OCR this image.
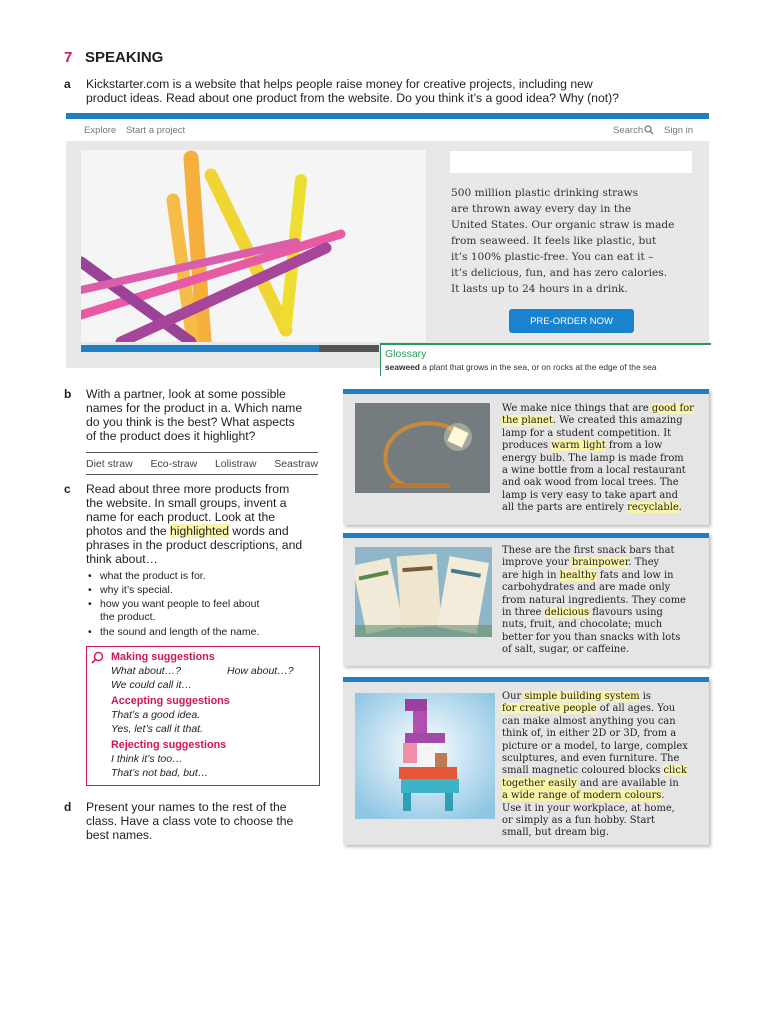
7 SPEAKING
a Kickstarter.com is a website that helps people raise money for creative projects, including new
product ideas. Read about one product from the website. Do you think it’s a good idea? Why (not)?
Explore Start a project	Search Sign in
500 million plastic drinking straws
are thrown away every day in the
United States. Our organic straw is made
from seaweed. It feels like plastic, but
it’s 100% plastic-free. You can eat it –
it’s delicious, fun, and has zero calories.
It lasts up to 24 hours in a drink.
PRE-ORDER NOW
Glossary
seaweed a plant that grows in the sea, or on rocks at the edge of the sea
b With a partner, look at some possible
names for the product in a. Which name
do you think is the best? What aspects
of the product does it highlight?
Diet straw Eco-straw Lolistraw Seastraw
c Read about three more products from
the website. In small groups, invent a
name for each product. Look at the
photos and the highlighted words and
phrases in the product descriptions, and
think about…
• what the product is for.
• why it’s special.
• how you want people to feel about
the product.
• the sound and length of the name.
Making suggestions
What about…?	How about…?
We could call it…
Accepting suggestions
That’s a good idea.
Yes, let’s call it that.
Rejecting suggestions
I think it’s too…
That’s not bad, but…
d Present your names to the rest of the
class. Have a class vote to choose the
best names.
We make nice things that are good for
the planet. We created this amazing
lamp for a student competition. It
produces warm light from a low
energy bulb. The lamp is made from
a wine bottle from a local restaurant
and oak wood from local trees. The
lamp is very easy to take apart and
all the parts are entirely recyclable.
These are the first snack bars that
improve your brainpower. They
are high in healthy fats and low in
carbohydrates and are made only
from natural ingredients. They come
in three delicious flavours using
nuts, fruit, and chocolate; much
better for you than snacks with lots
of salt, sugar, or caffeine.
Our simple building system is
for creative people of all ages. You
can make almost anything you can
think of, in either 2D or 3D, from a
picture or a model, to large, complex
sculptures, and even furniture. The
small magnetic coloured blocks click
together easily and are available in
a wide range of modern colours.
Use it in your workplace, at home,
or simply as a fun hobby. Start
small, but dream big.
